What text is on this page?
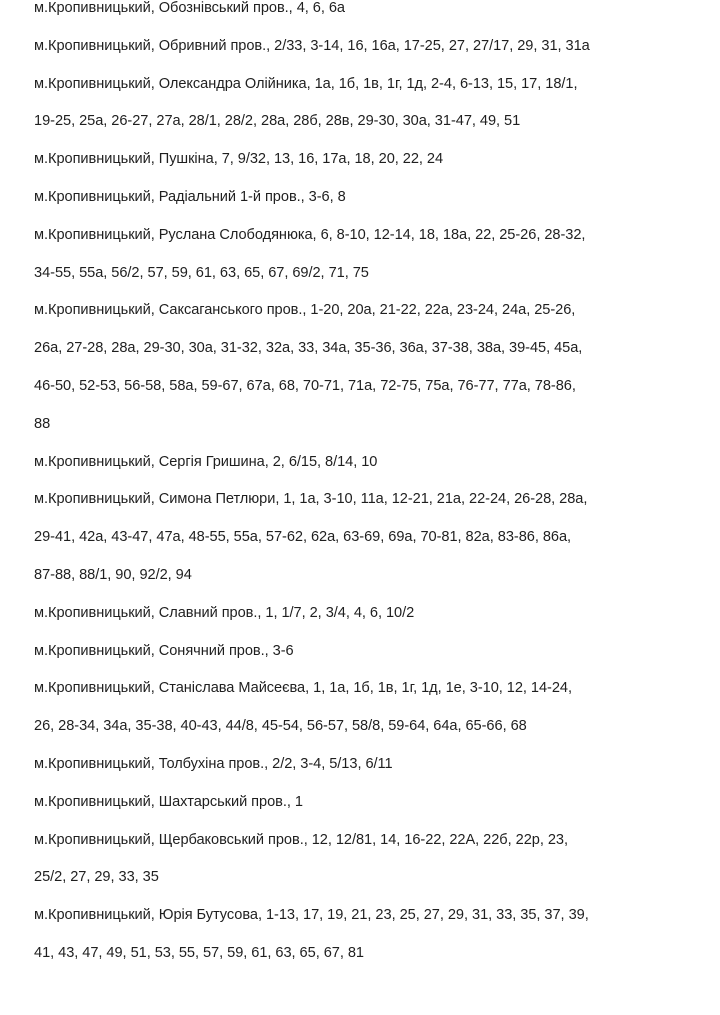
м.Кропивницький, Обознівський пров., 4, 6, 6а

м.Кропивницький, Обривний пров., 2/33, 3-14, 16, 16а, 17-25, 27, 27/17, 29, 31, 31а

м.Кропивницький, Олександра Олійника, 1а, 1б, 1в, 1г, 1д, 2-4, 6-13, 15, 17, 18/1, 19-25, 25а, 26-27, 27а, 28/1, 28/2, 28а, 28б, 28в, 29-30, 30а, 31-47, 49, 51

м.Кропивницький, Пушкіна, 7, 9/32, 13, 16, 17а, 18, 20, 22, 24

м.Кропивницький, Радіальний 1-й пров., 3-6, 8

м.Кропивницький, Руслана Слободянюка, 6, 8-10, 12-14, 18, 18а, 22, 25-26, 28-32, 34-55, 55а, 56/2, 57, 59, 61, 63, 65, 67, 69/2, 71, 75

м.Кропивницький, Саксаганського пров., 1-20, 20а, 21-22, 22а, 23-24, 24а, 25-26, 26а, 27-28, 28а, 29-30, 30а, 31-32, 32а, 33, 34а, 35-36, 36а, 37-38, 38а, 39-45, 45а, 46-50, 52-53, 56-58, 58а, 59-67, 67а, 68, 70-71, 71а, 72-75, 75а, 76-77, 77а, 78-86, 88

м.Кропивницький, Сергія Гришина, 2, 6/15, 8/14, 10

м.Кропивницький, Симона Петлюри, 1, 1а, 3-10, 11а, 12-21, 21а, 22-24, 26-28, 28а, 29-41, 42а, 43-47, 47а, 48-55, 55а, 57-62, 62а, 63-69, 69а, 70-81, 82а, 83-86, 86а, 87-88, 88/1, 90, 92/2, 94

м.Кропивницький, Славний пров., 1, 1/7, 2, 3/4, 4, 6, 10/2

м.Кропивницький, Сонячний пров., 3-6

м.Кропивницький, Станіслава Майсеєва, 1, 1а, 1б, 1в, 1г, 1д, 1е, 3-10, 12, 14-24, 26, 28-34, 34а, 35-38, 40-43, 44/8, 45-54, 56-57, 58/8, 59-64, 64а, 65-66, 68

м.Кропивницький, Толбухіна пров., 2/2, 3-4, 5/13, 6/11

м.Кропивницький, Шахтарський пров., 1

м.Кропивницький, Щербаковський пров., 12, 12/81, 14, 16-22, 22А, 22б, 22р, 23, 25/2, 27, 29, 33, 35

м.Кропивницький, Юрія Бутусова, 1-13, 17, 19, 21, 23, 25, 27, 29, 31, 33, 35, 37, 39, 41, 43, 47, 49, 51, 53, 55, 57, 59, 61, 63, 65, 67, 81
